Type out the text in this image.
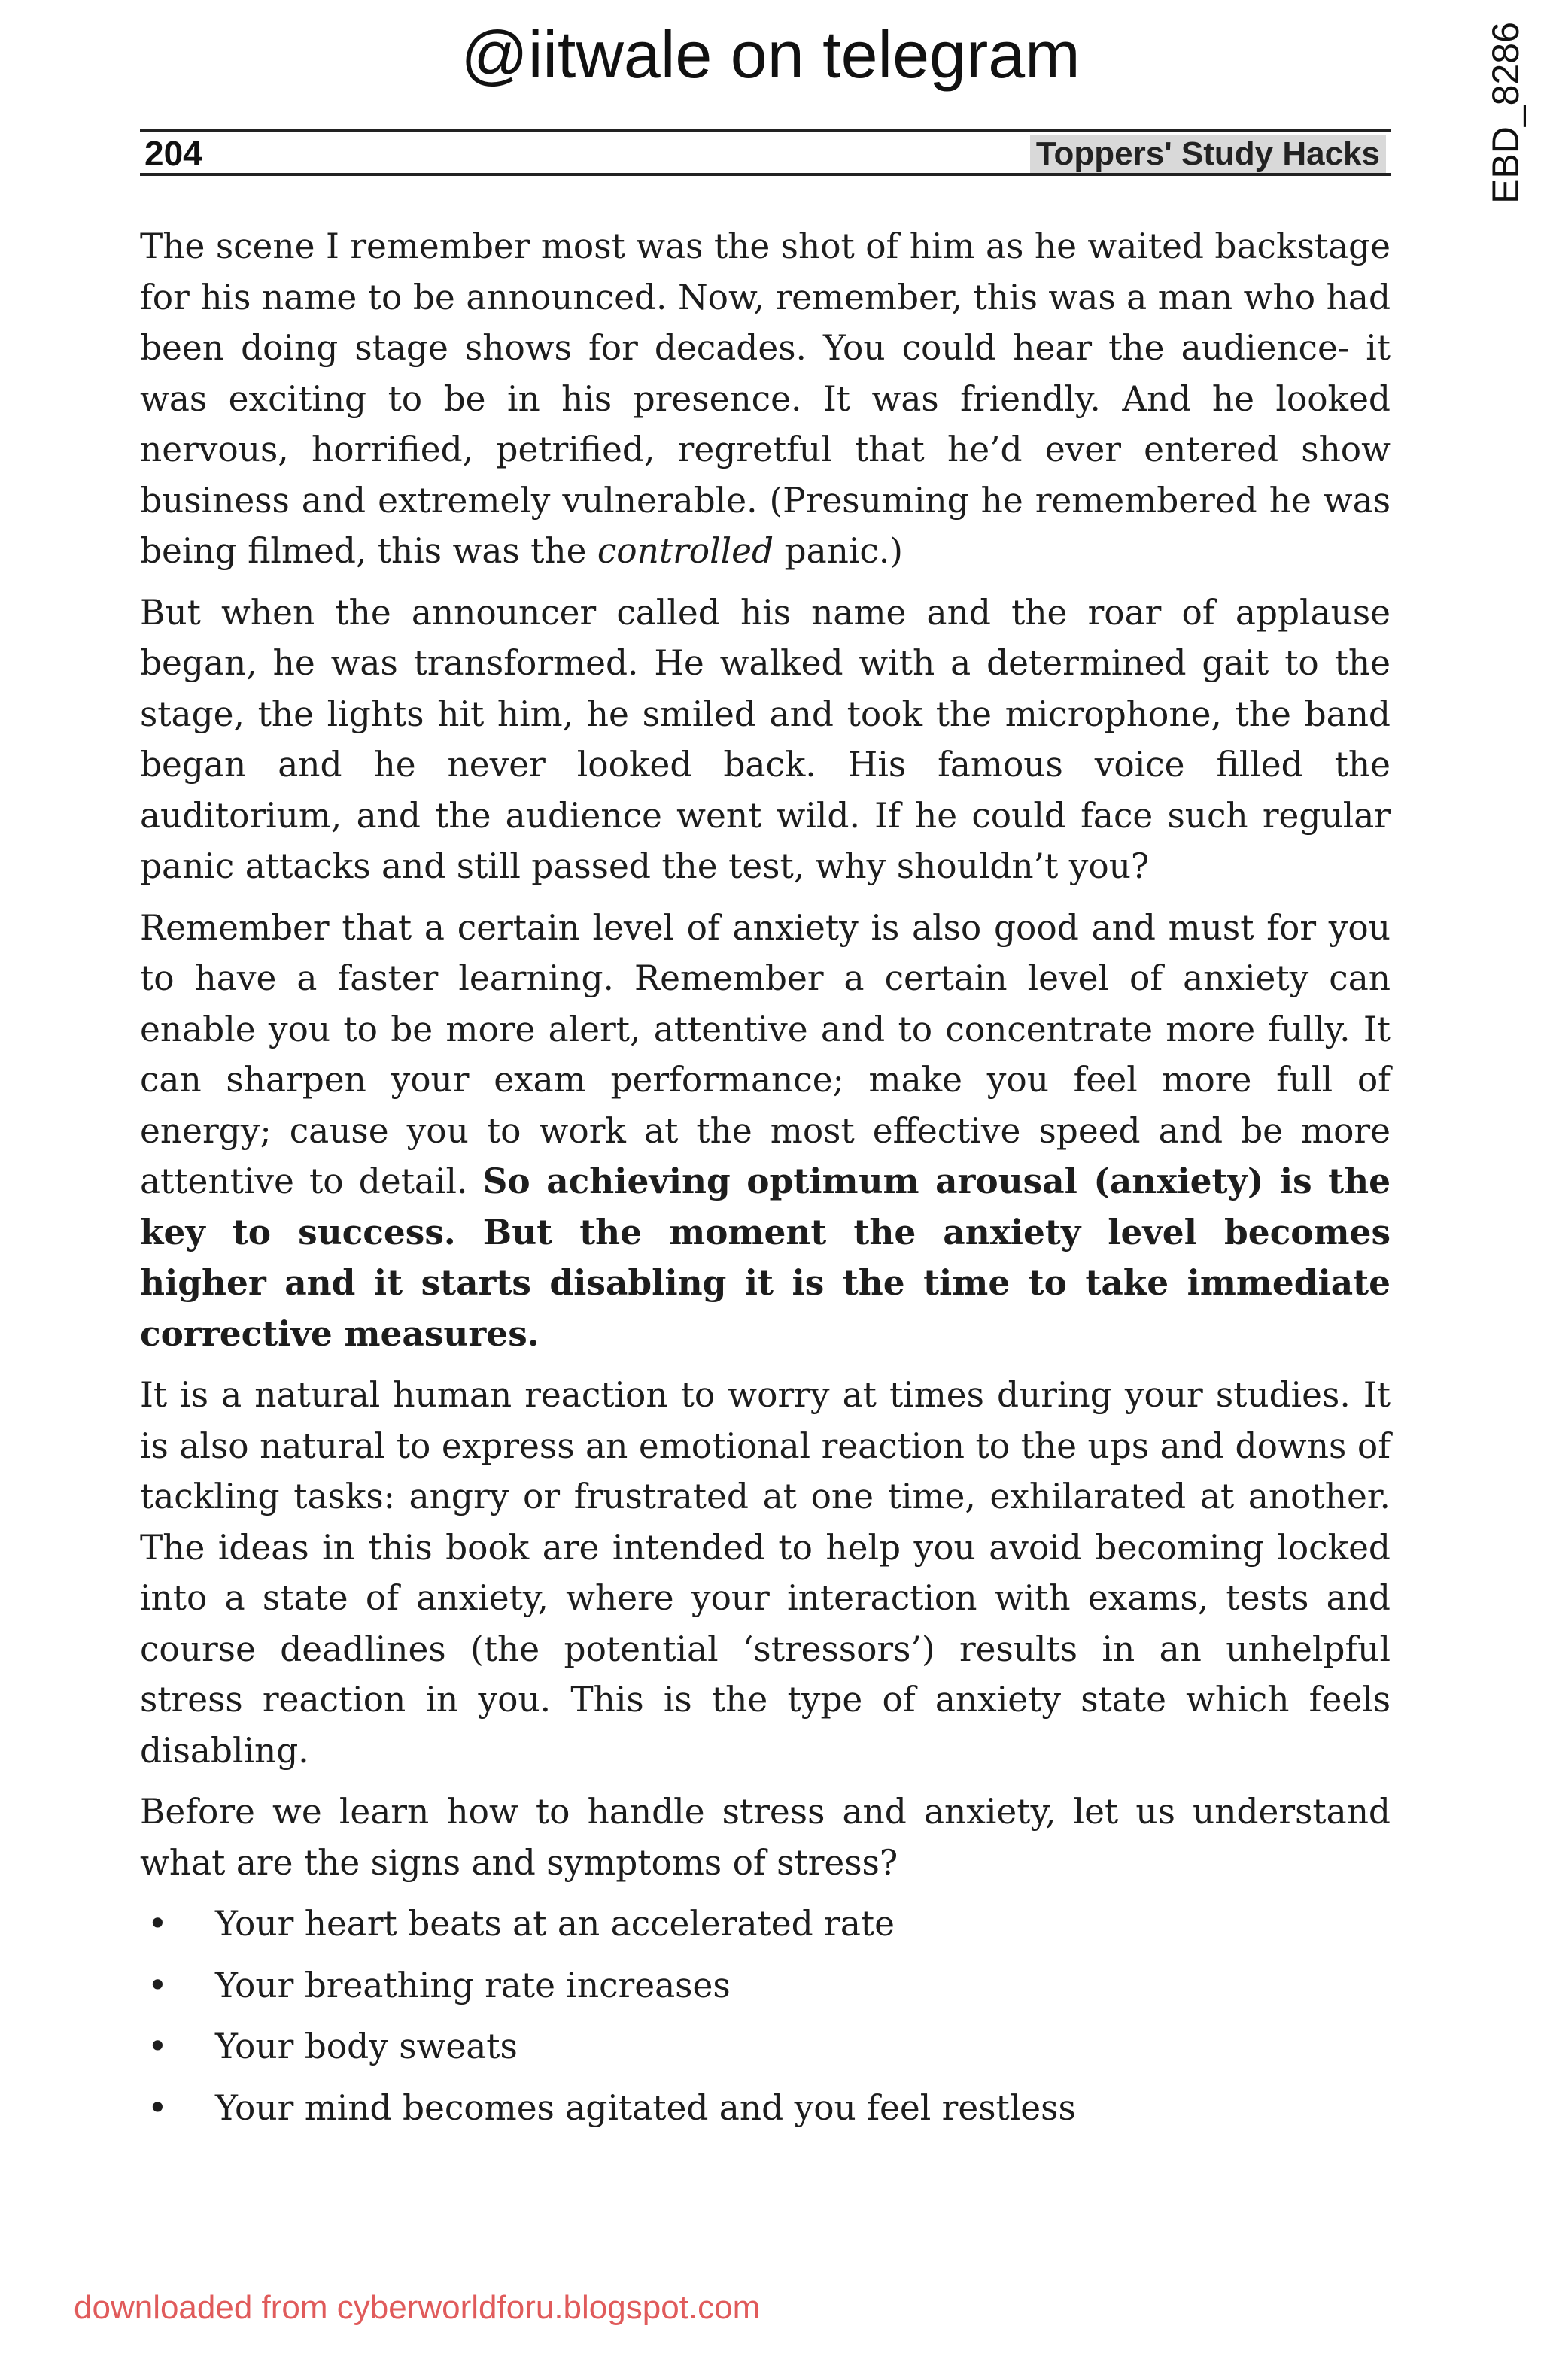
@iitwale on telegram	EBD_8286
204	Toppers' Study Hacks

The scene I remember most was the shot of him as he waited backstage for his name to be announced. Now, remember, this was a man who had been doing stage shows for decades. You could hear the audience- it was exciting to be in his presence. It was friendly. And he looked nervous, horrified, petrified, regretful that he’d ever entered show business and extremely vulnerable. (Presuming he remembered he was being filmed, this was the controlled panic.)

But when the announcer called his name and the roar of applause began, he was transformed. He walked with a determined gait to the stage, the lights hit him, he smiled and took the microphone, the band began and he never looked back. His famous voice filled the auditorium, and the audience went wild. If he could face such regular panic attacks and still passed the test, why shouldn’t you?

Remember that a certain level of anxiety is also good and must for you to have a faster learning. Remember a certain level of anxiety can enable you to be more alert, attentive and to concentrate more fully. It can sharpen your exam performance; make you feel more full of energy; cause you to work at the most effective speed and be more attentive to detail. So achieving optimum arousal (anxiety) is the key to success. But the moment the anxiety level becomes higher and it starts disabling it is the time to take immediate corrective measures.

It is a natural human reaction to worry at times during your studies. It is also natural to express an emotional reaction to the ups and downs of tackling tasks: angry or frustrated at one time, exhilarated at another. The ideas in this book are intended to help you avoid becoming locked into a state of anxiety, where your interaction with exams, tests and course deadlines (the potential ‘stressors’) results in an unhelpful stress reaction in you. This is the type of anxiety state which feels disabling.

Before we learn how to handle stress and anxiety, let us understand what are the signs and symptoms of stress?

• Your heart beats at an accelerated rate
• Your breathing rate increases
• Your body sweats
• Your mind becomes agitated and you feel restless
downloaded from cyberworldforu.blogspot.com
